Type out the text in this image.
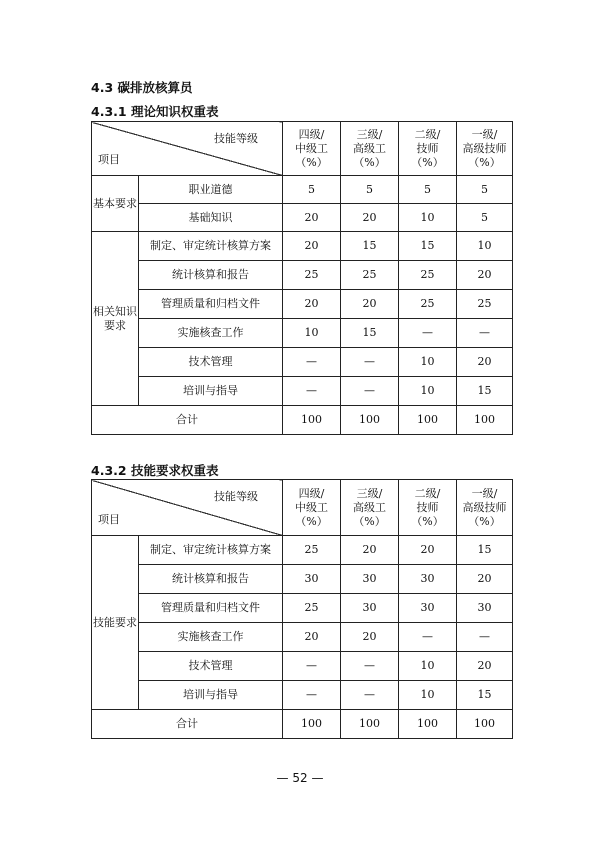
4.3 碳排放核算员
4.3.1 理论知识权重表
技能等级
项目		四级/
中级工
（%）	三级/
高级工
（%）	二级/
技师
（%）	一级/
高级技师
（%）

基本要求	职业道德	5	5	5	5
	基础知识	20	20	10	5
相关知识要求	制定、审定统计核算方案	20	15	15	10
	统计核算和报告	25	25	25	20
	管理质量和归档文件	20	20	25	25
	实施核查工作	10	15	—	—
	技术管理	—	—	10	20
	培训与指导	—	—	10	15
合计		100	100	100	100
4.3.2 技能要求权重表
技能等级
项目		四级/
中级工
（%）	三级/
高级工
（%）	二级/
技师
（%）	一级/
高级技师
（%）

技能要求	制定、审定统计核算方案	25	20	20	15
	统计核算和报告	30	30	30	20
	管理质量和归档文件	25	30	30	30
	实施核查工作	20	20	—	—
	技术管理	—	—	10	20
	培训与指导	—	—	10	15
合计		100	100	100	100
— 52 —
